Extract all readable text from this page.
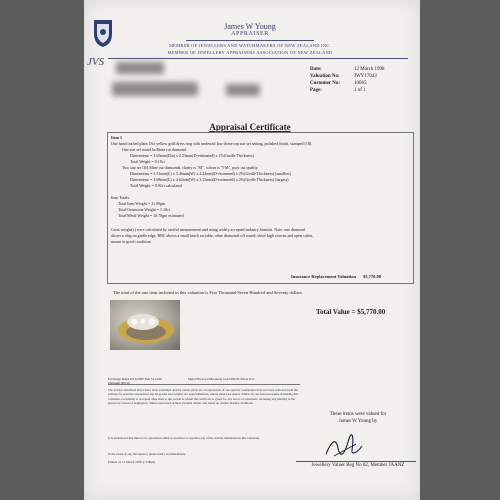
JVS
James W Young
APPRAISER
MEMBER OF JEWELLERS AND WATCHMAKERS OF NEW ZEALAND INC.
MEMBER OF JEWELLERY APPRAISERS ASSOCIATION OF NEW ZEALAND
Date:	12 March 1998
Valuation No:	JWY17043
Customer No:	10065
Page:	1 of 1
Appraisal Certificate
Item 1
One hand crafted plain 18ct yellow gold dress ring with underrail low dome top star set setting, polished finish, stamped (18).
One star set round brilliant cut diamond.
Dimensions = 3.65mm(Dia) x 2.23mm(D-estimated) x 1%(Girdle Thickness)
Total Weight = 0.18ct
Two star set Old Mine cut diamonds, clarity is "SI", colour is "I-M", poor cut quality.
Dimensions = 3.51mm(L) x 3.46mm(W) x 2.22mm(D-estimated) x 2%(Girdle Thickness) (smallest)
Dimensions = 4.68mm(L) x 4.62mm(W) x 3.23mm(D-estimated) x 2%(Girdle Thickness) (largest)
Total Weight = 0.92ct calculated
Item Totals:
Total Item Weight = 11.00gm
Total Gemstone Weight = 1.10ct
Total Metal Weight = 10.78gm estimated
Carat weight(s) were calculated by careful measurement and using widely accepted industry formula. Note: one diamond
shows a chip on girdle edge, RBC shows a small knick on table, other diamonds off round, show high crowns and open culets,
mount in good condition.
Insurance Replacement Valuation $5,770.00
The total of the one item included in this valuation is Five Thousand Seven Hundred and Seventy dollars.
Total Value = $5,770.00
Exchange Rates US 0.5807 Yen 74.4190	Metal Prices (US$/ounce) Gold 292.65 Silver 6.11
Platinum 385.50
The articles described above have been examined and the values given are an expression of our opinion. Gemstones have not been removed from the settings for accurate assessment and all grades and weights are approximations, unless otherwise stated. Whilst all care has been taken in making this valuation, no liability is accepted other than to the person to whom the certificate is given for any errors or omissions, including any liability to the person by reason of negligence. Values expressed in New Zealand dollars and based on current market conditions.
It is understood that there is no agreement either to purchase or appraise any of the articles mentioned in this valuation.
In the event of any discrepancy please notify us immediately.
Printed on 12 March 1998 at 3:08pm
These items were valued for
James W Young by
Jewellery Valuer Reg No 62, Member JAANZ
